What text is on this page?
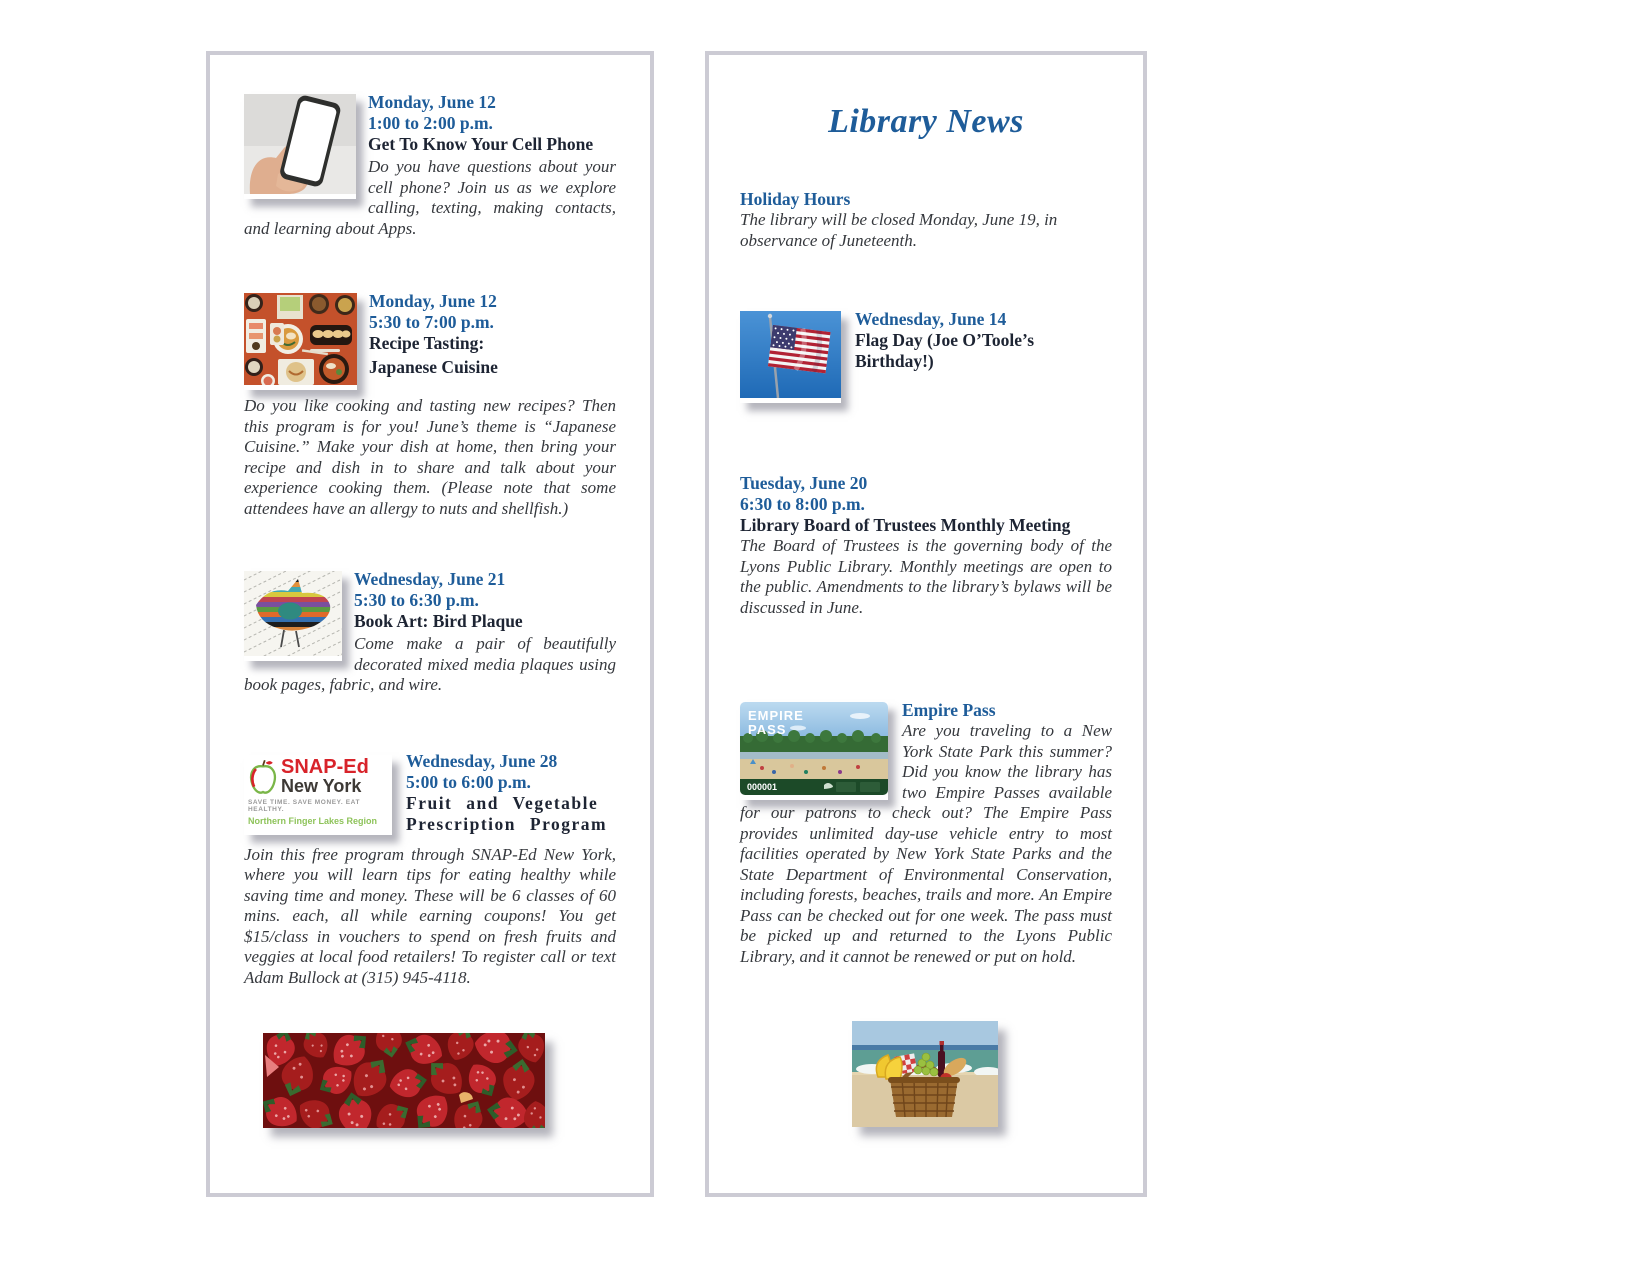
Monday, June 12
1:00 to 2:00 p.m.
Get To Know Your Cell Phone

Do you have questions about your cell phone? Join us as we explore calling, texting, making contacts, and learning about Apps.

Monday, June 12
5:30 to 7:00 p.m.
Recipe Tasting:
Japanese Cuisine

Do you like cooking and tasting new recipes? Then this program is for you! June’s theme is “Japanese Cuisine.” Make your dish at home, then bring your recipe and dish in to share and talk about your experience cooking them. (Please note that some attendees have an allergy to nuts and shellfish.)

Wednesday, June 21
5:30 to 6:30 p.m.
Book Art: Bird Plaque

Come make a pair of beautifully decorated mixed media plaques using book pages, fabric, and wire.

SNAP-Ed
New York
SAVE TIME. SAVE MONEY. EAT HEALTHY.
Northern Finger Lakes Region
Wednesday, June 28
5:00 to 6:00 p.m.
Fruit and Vegetable
Prescription Program

Join this free program through SNAP-Ed New York, where you will learn tips for eating healthy while saving time and money. These will be 6 classes of 60 mins. each, all while earning coupons! You get $15/class in vouchers to spend on fresh fruits and veggies at local food retailers! To register call or text Adam Bullock at (315) 945-4118.

Library News
Holiday Hours

The library will be closed Monday, June 19, in observance of Juneteenth.

Wednesday, June 14
Flag Day (Joe O’Toole’s Birthday!)
Tuesday, June 20
6:30 to 8:00 p.m.
Library Board of Trustees Monthly Meeting

The Board of Trustees is the governing body of the Lyons Public Library. Monthly meetings are open to the public. Amendments to the library’s bylaws will be discussed in June.

EMPIRE
PASS
000001
Empire Pass

Are you traveling to a New York State Park this summer? Did you know the library has two Empire Passes available for our patrons to check out? The Empire Pass provides unlimited day-use vehicle entry to most facilities operated by New York State Parks and the State Department of Environmental Conservation, including forests, beaches, trails and more. An Empire Pass can be checked out for one week. The pass must be picked up and returned to the Lyons Public Library, and it cannot be renewed or put on hold.
